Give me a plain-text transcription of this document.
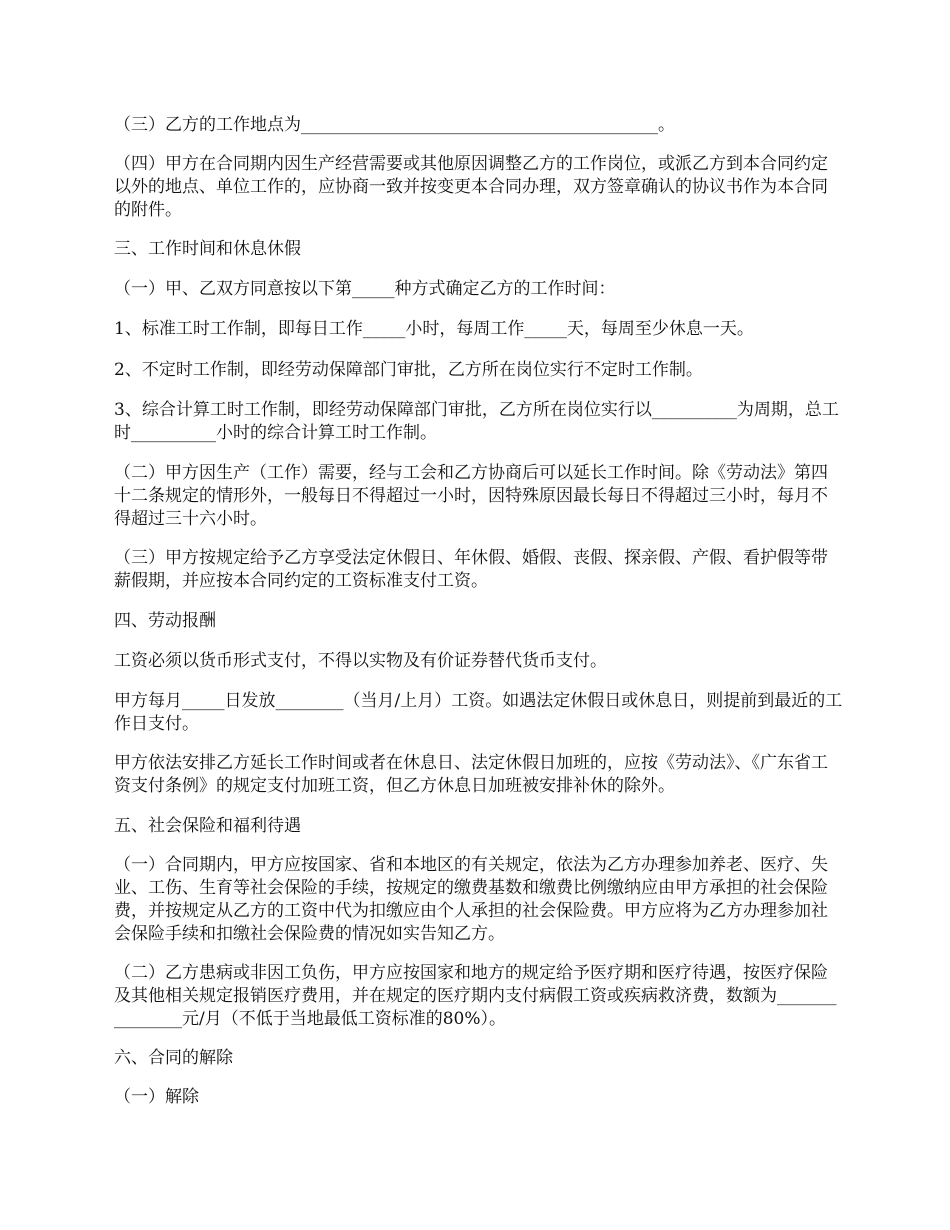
（三）乙方的工作地点为__________________________________________。

（四）甲方在合同期内因生产经营需要或其他原因调整乙方的工作岗位，或派乙方到本合同约定以外的地点、单位工作的，应协商一致并按变更本合同办理，双方签章确认的协议书作为本合同的附件。

三、工作时间和休息休假

（一）甲、乙双方同意按以下第_____种方式确定乙方的工作时间：

1、标准工时工作制，即每日工作_____小时，每周工作_____天，每周至少休息一天。

2、不定时工作制，即经劳动保障部门审批，乙方所在岗位实行不定时工作制。

3、综合计算工时工作制，即经劳动保障部门审批，乙方所在岗位实行以__________为周期，总工时__________小时的综合计算工时工作制。

（二）甲方因生产（工作）需要，经与工会和乙方协商后可以延长工作时间。除《劳动法》第四十二条规定的情形外，一般每日不得超过一小时，因特殊原因最长每日不得超过三小时，每月不得超过三十六小时。

（三）甲方按规定给予乙方享受法定休假日、年休假、婚假、丧假、探亲假、产假、看护假等带薪假期，并应按本合同约定的工资标准支付工资。

四、劳动报酬

工资必须以货币形式支付，不得以实物及有价证券替代货币支付。

甲方每月_____日发放________（当月/上月）工资。如遇法定休假日或休息日，则提前到最近的工作日支付。

甲方依法安排乙方延长工作时间或者在休息日、法定休假日加班的，应按《劳动法》、《广东省工资支付条例》的规定支付加班工资，但乙方休息日加班被安排补休的除外。

五、社会保险和福利待遇

（一）合同期内，甲方应按国家、省和本地区的有关规定，依法为乙方办理参加养老、医疗、失业、工伤、生育等社会保险的手续，按规定的缴费基数和缴费比例缴纳应由甲方承担的社会保险费，并按规定从乙方的工资中代为扣缴应由个人承担的社会保险费。甲方应将为乙方办理参加社会保险手续和扣缴社会保险费的情况如实告知乙方。

（二）乙方患病或非因工负伤，甲方应按国家和地方的规定给予医疗期和医疗待遇，按医疗保险及其他相关规定报销医疗费用，并在规定的医疗期内支付病假工资或疾病救济费，数额为_______________元/月（不低于当地最低工资标准的80%）。

六、合同的解除

（一）解除
